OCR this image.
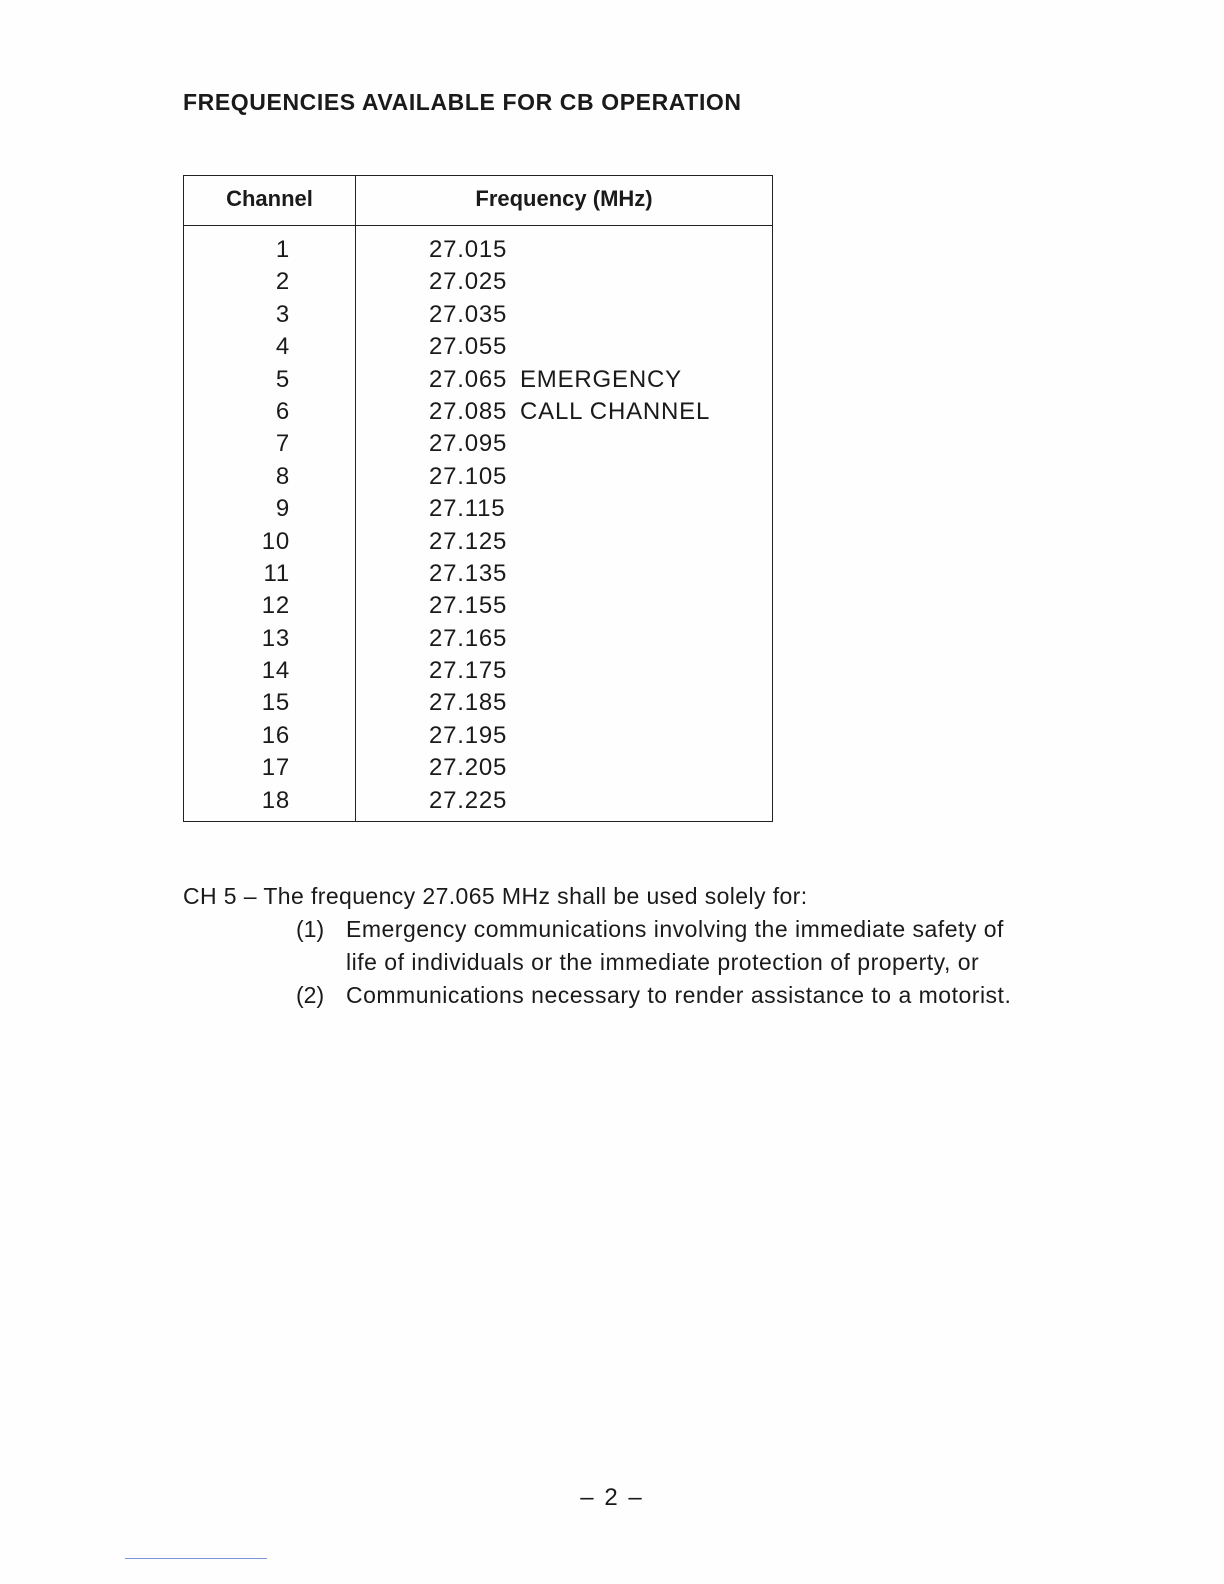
FREQUENCIES AVAILABLE FOR CB OPERATION
Channel	Frequency (MHz)
1	27.015
2	27.025
3	27.035
4	27.055
5	27.065 EMERGENCY
6	27.085 CALL CHANNEL
7	27.095
8	27.105
9	27.115
10	27.125
11	27.135
12	27.155
13	27.165
14	27.175
15	27.185
16	27.195
17	27.205
18	27.225
CH 5 – The frequency 27.065 MHz shall be used solely for:
(1) Emergency communications involving the immediate safety of
life of individuals or the immediate protection of property, or
(2) Communications necessary to render assistance to a motorist.
– 2 –
